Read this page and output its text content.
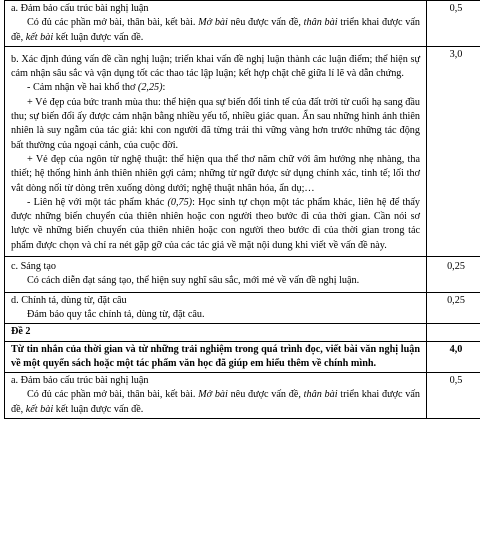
a. Đảm bảo cấu trúc bài nghị luận

Có đủ các phần mở bài, thân bài, kết bài. Mở bài nêu được vấn đề, thân bài triển khai được vấn đề, kết bài kết luận được vấn đề.	0,5

b. Xác định đúng vấn đề cần nghị luận; triển khai vấn đề nghị luận thành các luận điểm; thể hiện sự cảm nhận sâu sắc và vận dụng tốt các thao tác lập luận; kết hợp chặt chẽ giữa lí lẽ và dẫn chứng.

- Cảm nhận về hai khổ thơ (2,25):

+ Vẻ đẹp của bức tranh mùa thu: thể hiện qua sự biến đổi tinh tế của đất trời từ cuối hạ sang đầu thu; sự biến đổi ấy được cảm nhận bằng nhiều yếu tố, nhiều giác quan. Ẩn sau những hình ảnh thiên nhiên là suy ngẫm của tác giả: khi con người đã từng trải thì vững vàng hơn trước những tác động bất thường của ngoại cảnh, của cuộc đời.

+ Vẻ đẹp của ngôn từ nghệ thuật: thể hiện qua thể thơ năm chữ với âm hưởng nhẹ nhàng, tha thiết; hệ thống hình ảnh thiên nhiên gợi cảm; những từ ngữ được sử dụng chính xác, tinh tế; lối thơ vắt dòng nối từ dòng trên xuống dòng dưới; nghệ thuật nhân hóa, ẩn dụ;…

- Liên hệ với một tác phẩm khác (0,75): Học sinh tự chọn một tác phẩm khác, liên hệ để thấy được những biến chuyển của thiên nhiên hoặc con người theo bước đi của thời gian. Cần nói sơ lược về những biến chuyển của thiên nhiên hoặc con người theo bước đi của thời gian trong tác phẩm được chọn và chỉ ra nét gặp gỡ của các tác giả về mặt nội dung khi viết về vấn đề này.	3,0

c. Sáng tạo

Có cách diễn đạt sáng tạo, thể hiện suy nghĩ sâu sắc, mới mẻ về vấn đề nghị luận.	0,25

d. Chính tả, dùng từ, đặt câu

Đảm bảo quy tắc chính tả, dùng từ, đặt câu.	0,25
Đề 2	
Từ tin nhắn của thời gian và từ những trải nghiệm trong quá trình đọc, viết bài văn nghị luận về một quyển sách hoặc một tác phẩm văn học đã giúp em hiểu thêm về chính mình.	4,0

a. Đảm bảo cấu trúc bài nghị luận

Có đủ các phần mở bài, thân bài, kết bài. Mở bài nêu được vấn đề, thân bài triển khai được vấn đề, kết bài kết luận được vấn đề.	0,5
